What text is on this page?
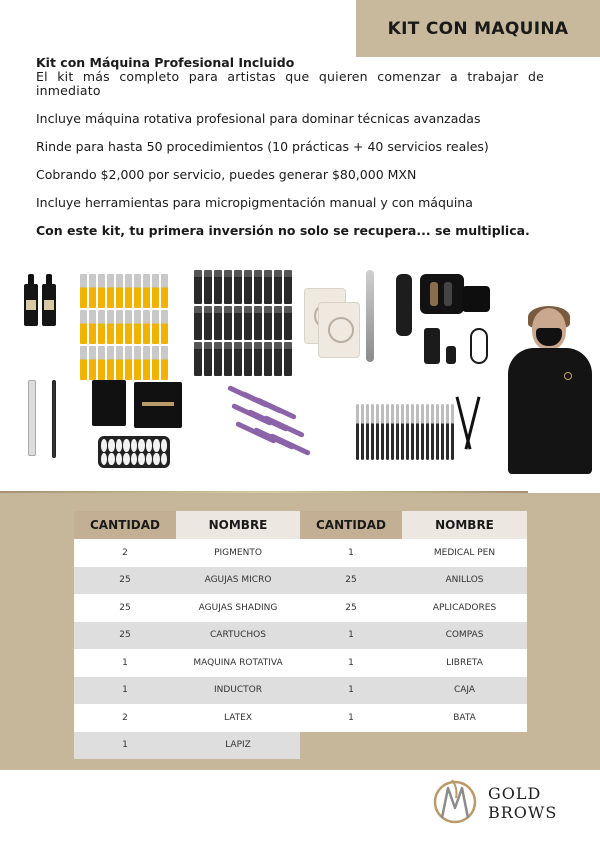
KIT CON MAQUINA
Kit con Máquina Profesional Incluido
El kit más completo para artistas que quieren comenzar a trabajar de inmediato

Incluye máquina rotativa profesional para dominar técnicas avanzadas

Rinde para hasta 50 procedimientos (10 prácticas + 40 servicios reales)

Cobrando $2,000 por servicio, puedes generar $80,000 MXN

Incluye herramientas para micropigmentación manual y con máquina

Con este kit, tu primera inversión no solo se recupera... se multiplica.

CANTIDAD	NOMBRE	CANTIDAD	NOMBRE
2	PIGMENTO	1	MEDICAL PEN
25	AGUJAS MICRO	25	ANILLOS
25	AGUJAS SHADING	25	APLICADORES
25	CARTUCHOS	1	COMPAS
1	MAQUINA ROTATIVA	1	LIBRETA
1	INDUCTOR	1	CAJA
2	LATEX	1	BATA
1	LAPIZ		
GOLD
BROWS
